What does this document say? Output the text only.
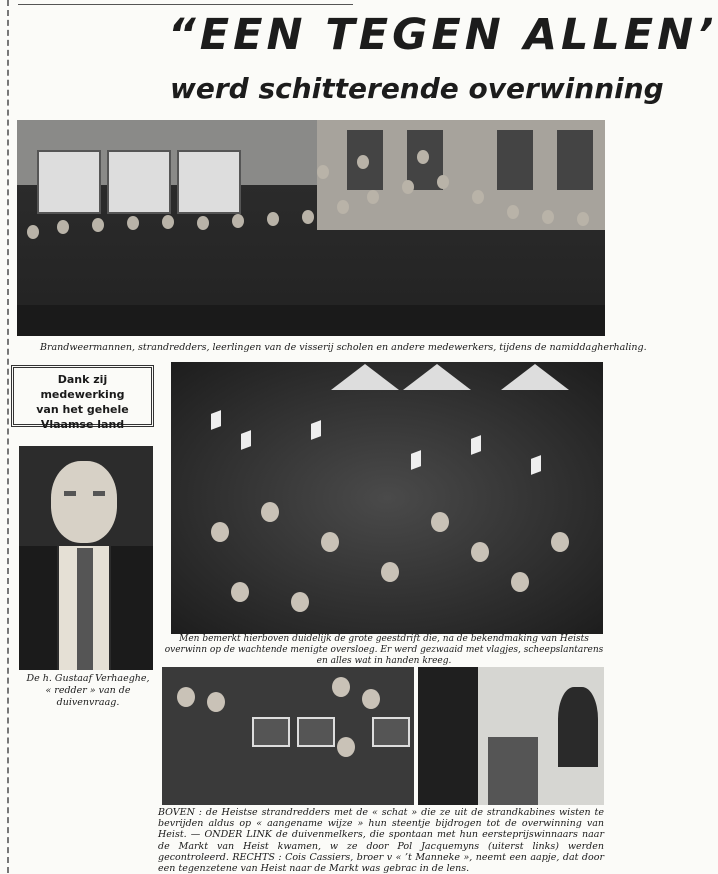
“EEN TEGEN ALLEN’
werd schitterende overwinning
Brandweermannen, strandredders, leerlingen van de visserij scholen en andere medewerkers, tijdens de namiddagherhaling.
Dank zij medewerking
van het gehele
Vlaamse land
Men bemerkt hierboven duidelijk de grote geestdrift die, na de bekendmaking van Heists overwinn op de wachtende menigte oversloeg. Er werd gezwaaid met vlagjes, scheepslantarens en alles wat in handen kreeg.
De h. Gustaaf Verhaeghe,
« redder » van de duivenvraag.
BOVEN : de Heistse strandredders met de « schat » die ze uit de strandkabines wisten te bevrijden aldus op « aangename wijze » hun steentje bijdrogen tot de overwinning van Heist. — ONDER LINK de duivenmelkers, die spontaan met hun eersteprijswinnaars naar de Markt van Heist kwamen, w ze door Pol Jacquemyns (uiterst links) werden gecontroleerd. RECHTS : Cois Cassiers, broer v « ’t Manneke », neemt een aapje, dat door een tegenzetene van Heist naar de Markt was gebrac in de lens.
